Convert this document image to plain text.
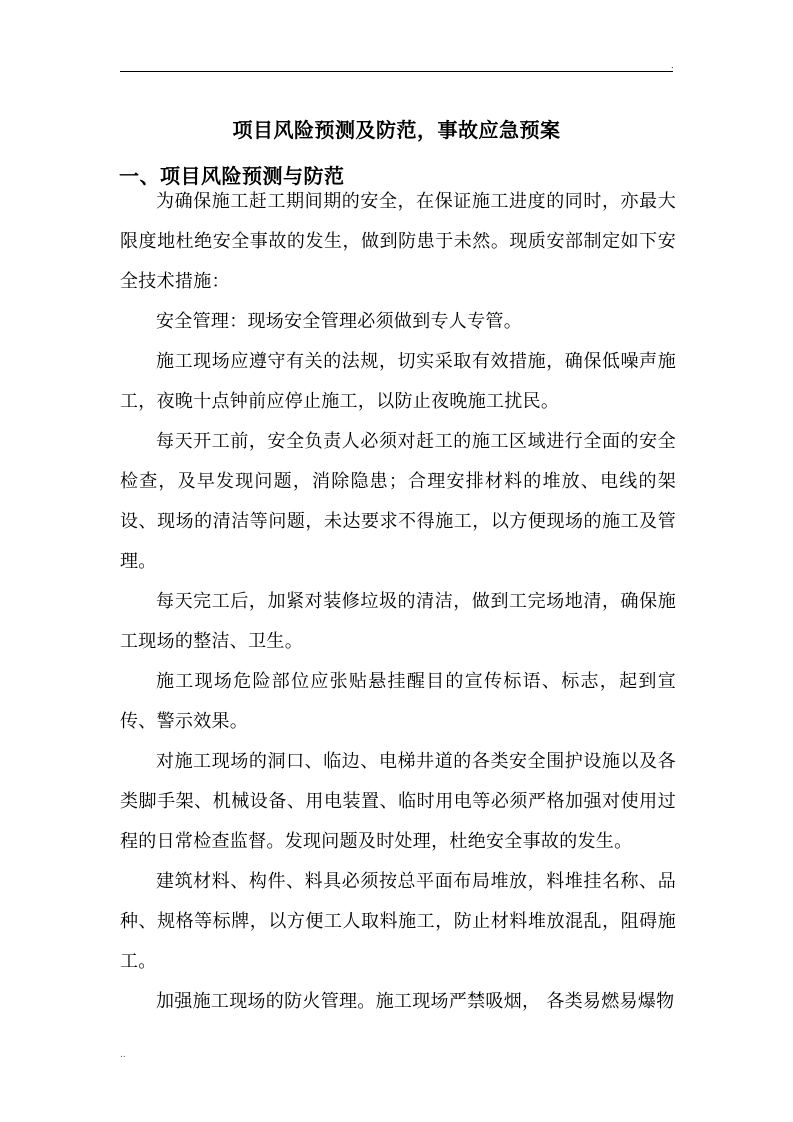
.
项目风险预测及防范，事故应急预案
一、项目风险预测与防范

为确保施工赶工期间期的安全，在保证施工进度的同时，亦最大限度地杜绝安全事故的发生，做到防患于未然。现质安部制定如下安全技术措施：

安全管理：现场安全管理必须做到专人专管。

施工现场应遵守有关的法规，切实采取有效措施，确保低噪声施工，夜晚十点钟前应停止施工，以防止夜晚施工扰民。

每天开工前，安全负责人必须对赶工的施工区域进行全面的安全检查，及早发现问题，消除隐患；合理安排材料的堆放、电线的架设、现场的清洁等问题，未达要求不得施工，以方便现场的施工及管理。

每天完工后，加紧对装修垃圾的清洁，做到工完场地清，确保施工现场的整洁、卫生。

施工现场危险部位应张贴悬挂醒目的宣传标语、标志，起到宣传、警示效果。

对施工现场的洞口、临边、电梯井道的各类安全围护设施以及各类脚手架、机械设备、用电装置、临时用电等必须严格加强对使用过程的日常检查监督。发现问题及时处理，杜绝安全事故的发生。

建筑材料、构件、料具必须按总平面布局堆放，料堆挂名称、品种、规格等标牌，以方便工人取料施工，防止材料堆放混乱，阻碍施工。

加强施工现场的防火管理。施工现场严禁吸烟， 各类易燃易爆物

..
